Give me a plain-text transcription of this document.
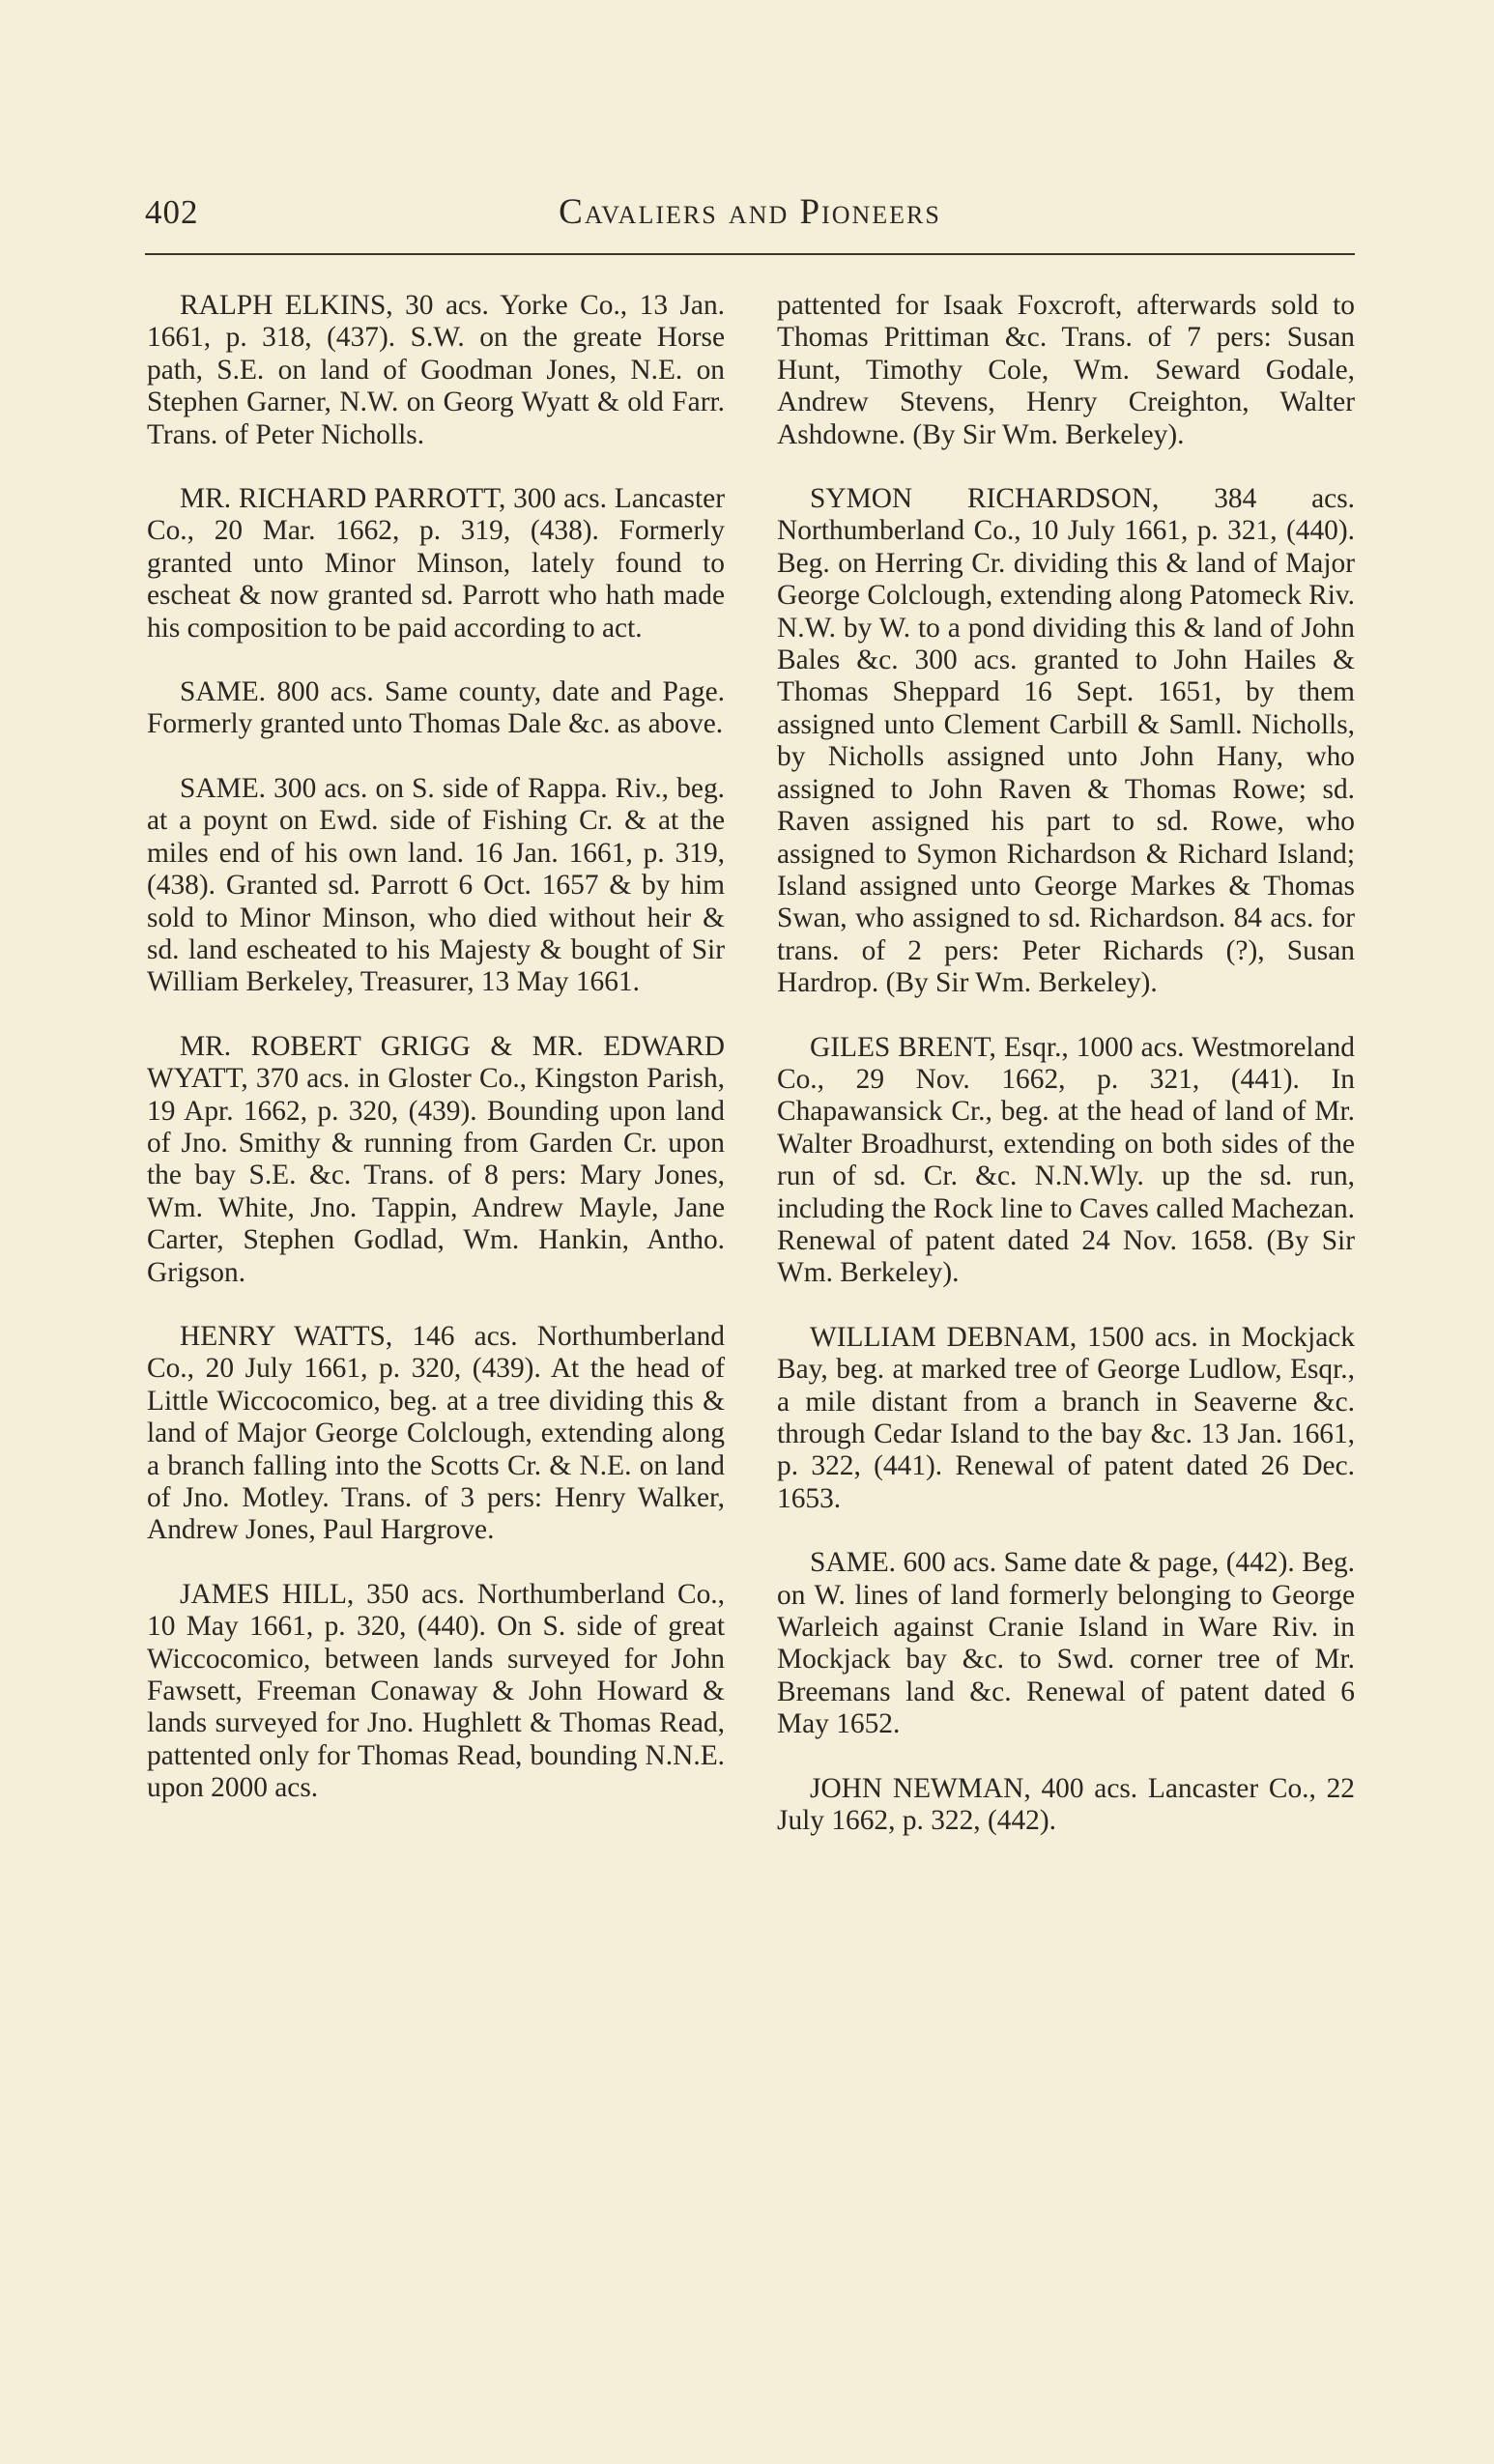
402	Cavaliers and Pioneers

RALPH ELKINS, 30 acs. Yorke Co., 13 Jan. 1661, p. 318, (437). S.W. on the greate Horse path, S.E. on land of Goodman Jones, N.E. on Stephen Garner, N.W. on Georg Wyatt & old Farr. Trans. of Peter Nicholls.

MR. RICHARD PARROTT, 300 acs. Lancaster Co., 20 Mar. 1662, p. 319, (438). Formerly granted unto Minor Minson, lately found to escheat & now granted sd. Parrott who hath made his composition to be paid according to act.

SAME. 800 acs. Same county, date and Page. Formerly granted unto Thomas Dale &c. as above.

SAME. 300 acs. on S. side of Rappa. Riv., beg. at a poynt on Ewd. side of Fishing Cr. & at the miles end of his own land. 16 Jan. 1661, p. 319, (438). Granted sd. Parrott 6 Oct. 1657 & by him sold to Minor Minson, who died without heir & sd. land escheated to his Majesty & bought of Sir William Berkeley, Treasurer, 13 May 1661.

MR. ROBERT GRIGG & MR. EDWARD WYATT, 370 acs. in Gloster Co., Kingston Parish, 19 Apr. 1662, p. 320, (439). Bounding upon land of Jno. Smithy & running from Garden Cr. upon the bay S.E. &c. Trans. of 8 pers: Mary Jones, Wm. White, Jno. Tappin, Andrew Mayle, Jane Carter, Stephen Godlad, Wm. Hankin, Antho. Grigson.

HENRY WATTS, 146 acs. Northumberland Co., 20 July 1661, p. 320, (439). At the head of Little Wiccocomico, beg. at a tree dividing this & land of Major George Colclough, extending along a branch falling into the Scotts Cr. & N.E. on land of Jno. Motley. Trans. of 3 pers: Henry Walker, Andrew Jones, Paul Hargrove.

JAMES HILL, 350 acs. Northumberland Co., 10 May 1661, p. 320, (440). On S. side of great Wiccocomico, between lands surveyed for John Fawsett, Freeman Conaway & John Howard & lands surveyed for Jno. Hughlett & Thomas Read, pattented only for Thomas Read, bounding N.N.E. upon 2000 acs.

pattented for Isaak Foxcroft, afterwards sold to Thomas Prittiman &c. Trans. of 7 pers: Susan Hunt, Timothy Cole, Wm. Seward Godale, Andrew Stevens, Henry Creighton, Walter Ashdowne. (By Sir Wm. Berkeley).

SYMON RICHARDSON, 384 acs. Northumberland Co., 10 July 1661, p. 321, (440). Beg. on Herring Cr. dividing this & land of Major George Colclough, extending along Patomeck Riv. N.W. by W. to a pond dividing this & land of John Bales &c. 300 acs. granted to John Hailes & Thomas Sheppard 16 Sept. 1651, by them assigned unto Clement Carbill & Samll. Nicholls, by Nicholls assigned unto John Hany, who assigned to John Raven & Thomas Rowe; sd. Raven assigned his part to sd. Rowe, who assigned to Symon Richardson & Richard Island; Island assigned unto George Markes & Thomas Swan, who assigned to sd. Richardson. 84 acs. for trans. of 2 pers: Peter Richards (?), Susan Hardrop. (By Sir Wm. Berkeley).

GILES BRENT, Esqr., 1000 acs. Westmoreland Co., 29 Nov. 1662, p. 321, (441). In Chapawansick Cr., beg. at the head of land of Mr. Walter Broadhurst, extending on both sides of the run of sd. Cr. &c. N.N.Wly. up the sd. run, including the Rock line to Caves called Machezan. Renewal of patent dated 24 Nov. 1658. (By Sir Wm. Berkeley).

WILLIAM DEBNAM, 1500 acs. in Mockjack Bay, beg. at marked tree of George Ludlow, Esqr., a mile distant from a branch in Seaverne &c. through Cedar Island to the bay &c. 13 Jan. 1661, p. 322, (441). Renewal of patent dated 26 Dec. 1653.

SAME. 600 acs. Same date & page, (442). Beg. on W. lines of land formerly belonging to George Warleich against Cranie Island in Ware Riv. in Mockjack bay &c. to Swd. corner tree of Mr. Breemans land &c. Renewal of patent dated 6 May 1652.

JOHN NEWMAN, 400 acs. Lancaster Co., 22 July 1662, p. 322, (442).
